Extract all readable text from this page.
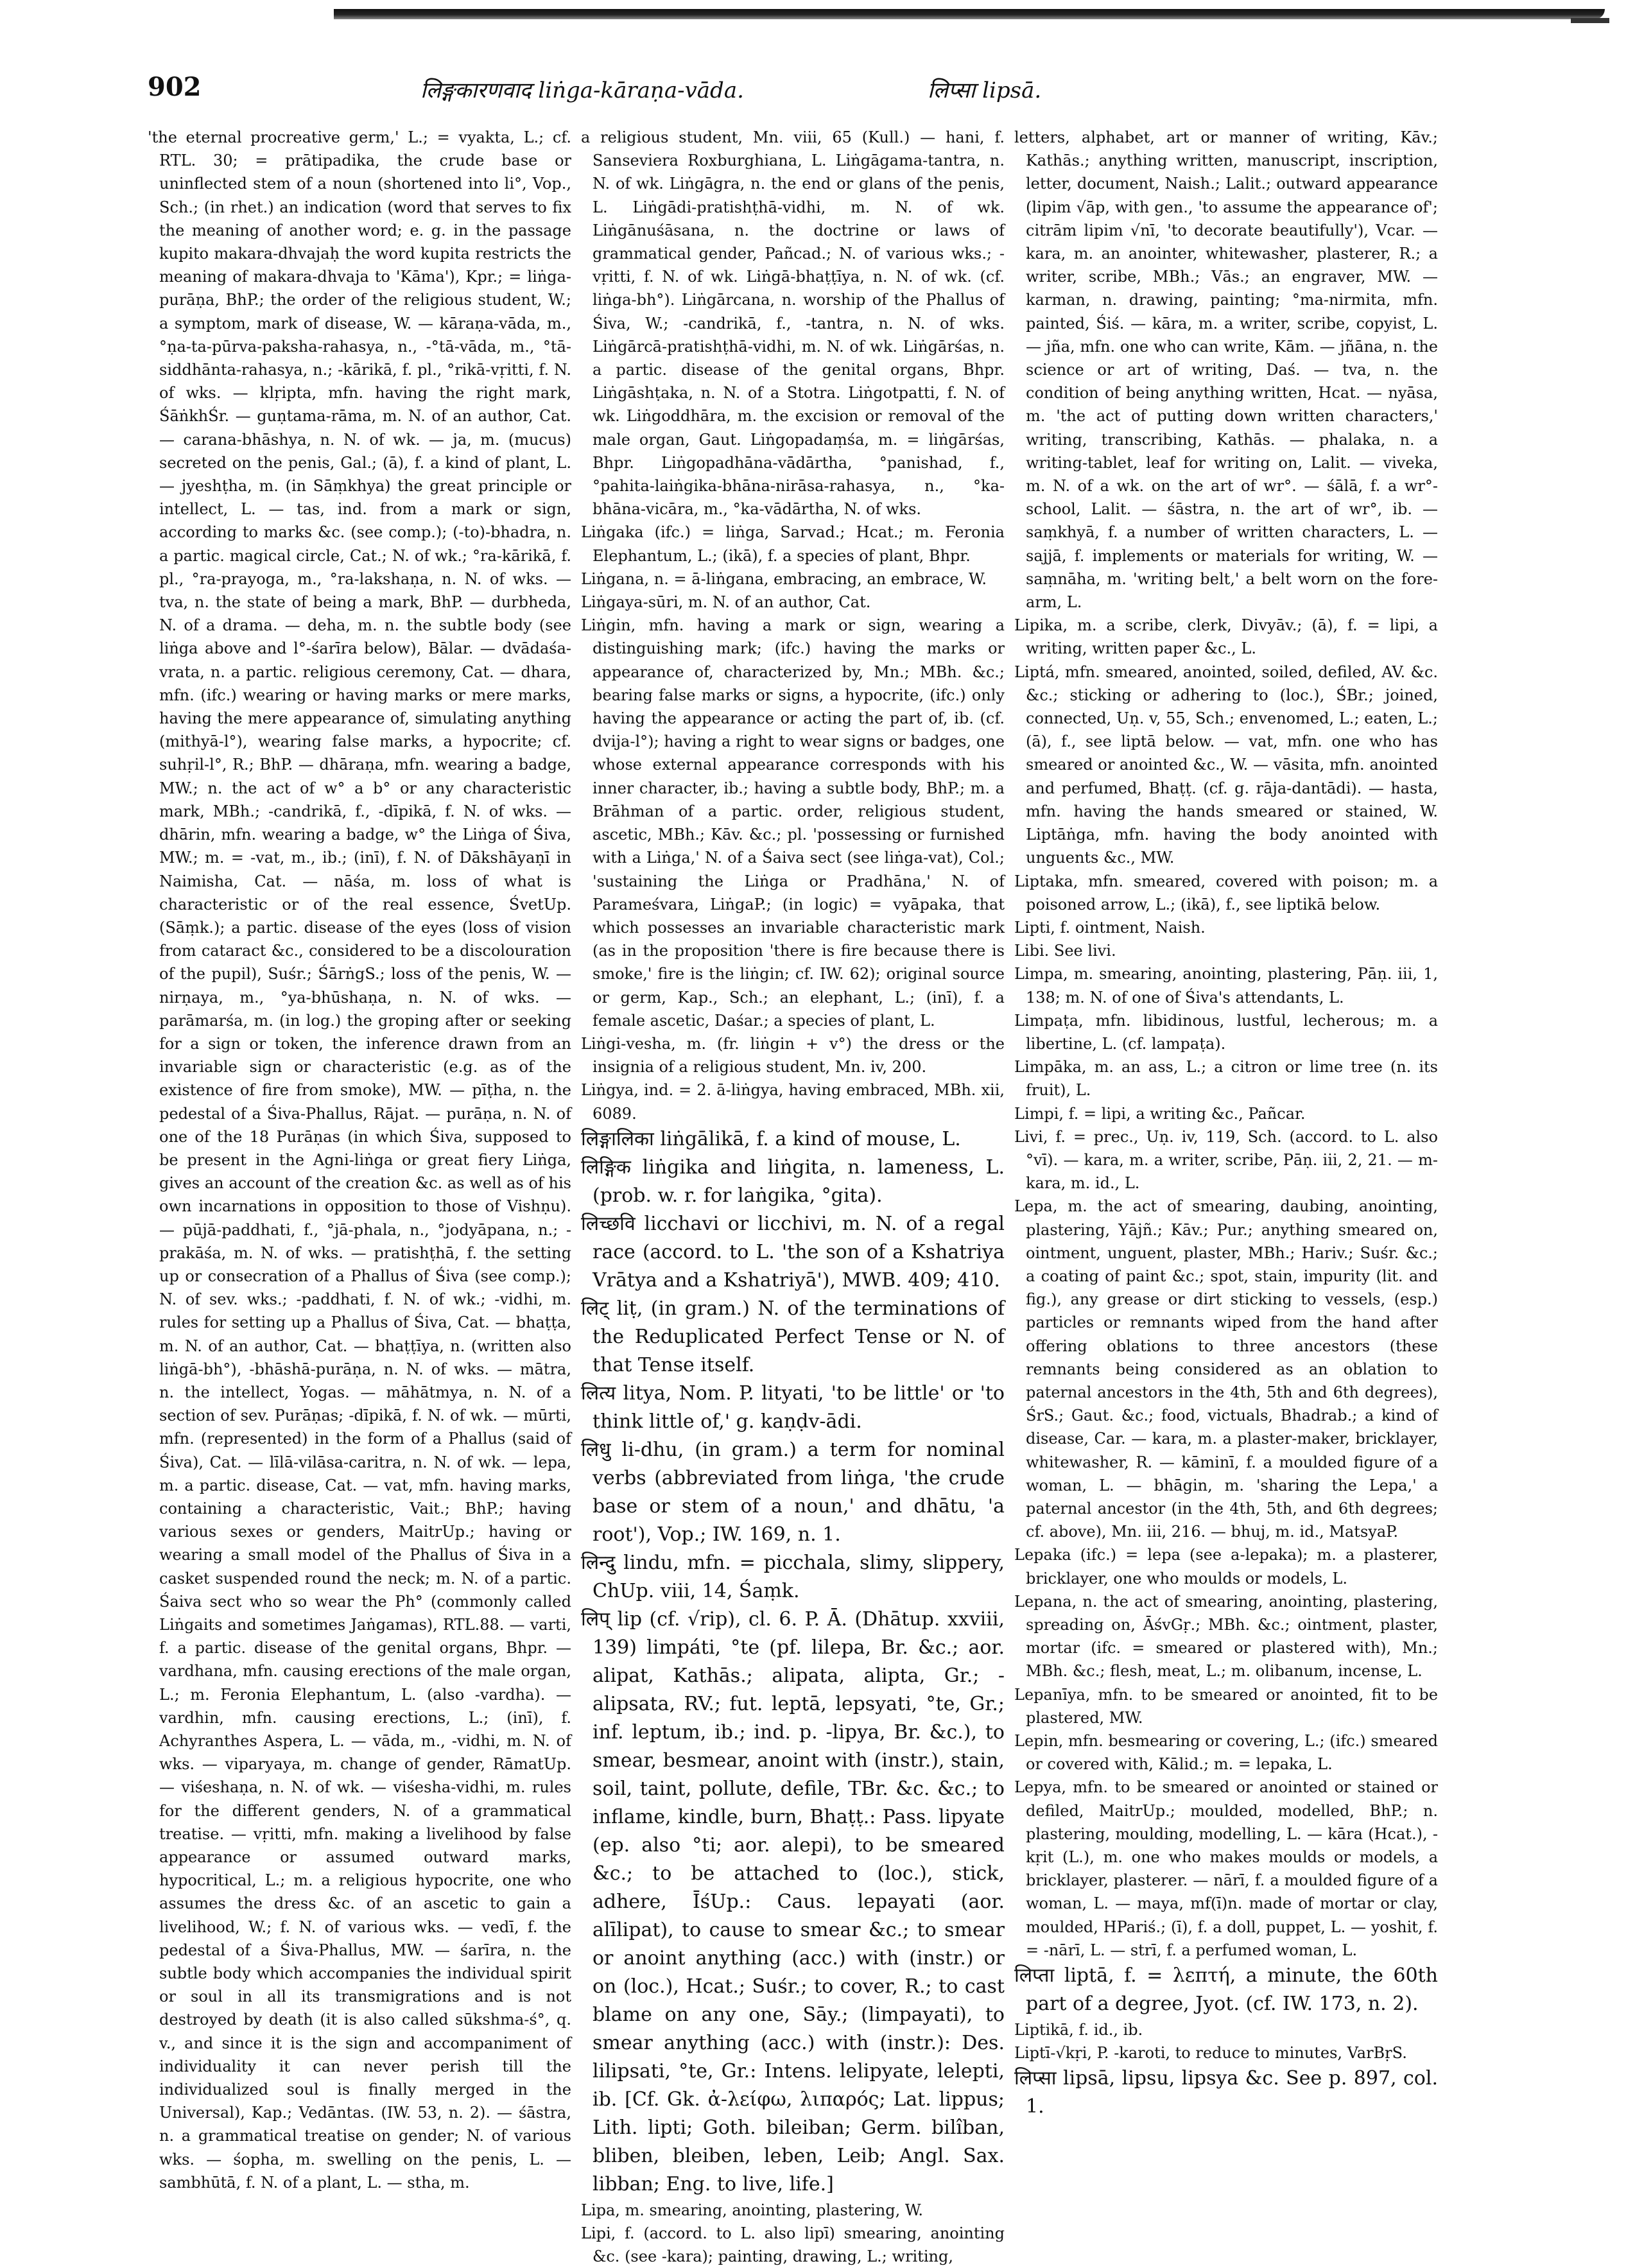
902	लिङ्गकारणवाद liṅga-kāraṇa-vāda.	लिप्सा lipsā.

'the eternal procreative germ,' L.; = vyakta, L.; cf. RTL. 30; = prātipadika, the crude base or uninflected stem of a noun (shortened into li°, Vop., Sch.; (in rhet.) an indication (word that serves to fix the meaning of another word; e. g. in the passage kupito makara-dhvajaḥ the word kupita restricts the meaning of makara-dhvaja to 'Kāma'), Kpr.; = liṅga-purāṇa, BhP.; the order of the religious student, W.; a symptom, mark of disease, W. — kāraṇa-vāda, m., °ṇa-ta-pūrva-paksha-rahasya, n., -°tā-vāda, m., °tā-siddhānta-rahasya, n.; -kārikā, f. pl., °rikā-vṛitti, f. N. of wks. — klṛipta, mfn. having the right mark, ŚāṅkhŚr. — guṇtama-rāma, m. N. of an author, Cat. — carana-bhāshya, n. N. of wk. — ja, m. (mucus) secreted on the penis, Gal.; (ā), f. a kind of plant, L. — jyeshṭha, m. (in Sāṃkhya) the great principle or intellect, L. — tas, ind. from a mark or sign, according to marks &c. (see comp.); (-to)-bhadra, n. a partic. magical circle, Cat.; N. of wk.; °ra-kārikā, f. pl., °ra-prayoga, m., °ra-lakshaṇa, n. N. of wks. — tva, n. the state of being a mark, BhP. — durbheda, N. of a drama. — deha, m. n. the subtle body (see liṅga above and l°-śarīra below), Bālar. — dvādaśa-vrata, n. a partic. religious ceremony, Cat. — dhara, mfn. (ifc.) wearing or having marks or mere marks, having the mere appearance of, simulating anything (mithyā-l°), wearing false marks, a hypocrite; cf. suhṛil-l°, R.; BhP. — dhāraṇa, mfn. wearing a badge, MW.; n. the act of w° a b° or any characteristic mark, MBh.; -candrikā, f., -dīpikā, f. N. of wks. — dhārin, mfn. wearing a badge, w° the Liṅga of Śiva, MW.; m. = -vat, m., ib.; (inī), f. N. of Dākshāyaṇī in Naimisha, Cat. — nāśa, m. loss of what is characteristic or of the real essence, ŚvetUp. (Sāṃk.); a partic. disease of the eyes (loss of vision from cataract &c., considered to be a discolouration of the pupil), Suśr.; ŚārṅgS.; loss of the penis, W. — nirṇaya, m., °ya-bhūshaṇa, n. N. of wks. — parāmarśa, m. (in log.) the groping after or seeking for a sign or token, the inference drawn from an invariable sign or characteristic (e.g. as of the existence of fire from smoke), MW. — pīṭha, n. the pedestal of a Śiva-Phallus, Rājat. — purāṇa, n. N. of one of the 18 Purāṇas (in which Śiva, supposed to be present in the Agni-liṅga or great fiery Liṅga, gives an account of the creation &c. as well as of his own incarnations in opposition to those of Vishṇu). — pūjā-paddhati, f., °jā-phala, n., °jodyāpana, n.; -prakāśa, m. N. of wks. — pratishṭhā, f. the setting up or consecration of a Phallus of Śiva (see comp.); N. of sev. wks.; -paddhati, f. N. of wk.; -vidhi, m. rules for setting up a Phallus of Śiva, Cat. — bhaṭṭa, m. N. of an author, Cat. — bhaṭṭīya, n. (written also liṅgā-bh°), -bhāshā-purāṇa, n. N. of wks. — mātra, n. the intellect, Yogas. — māhātmya, n. N. of a section of sev. Purāṇas; -dīpikā, f. N. of wk. — mūrti, mfn. (represented) in the form of a Phallus (said of Śiva), Cat. — līlā-vilāsa-caritra, n. N. of wk. — lepa, m. a partic. disease, Cat. — vat, mfn. having marks, containing a characteristic, Vait.; BhP.; having various sexes or genders, MaitrUp.; having or wearing a small model of the Phallus of Śiva in a casket suspended round the neck; m. N. of a partic. Śaiva sect who so wear the Ph° (commonly called Liṅgaits and sometimes Jaṅgamas), RTL.88. — varti, f. a partic. disease of the genital organs, Bhpr. — vardhana, mfn. causing erections of the male organ, L.; m. Feronia Elephantum, L. (also -vardha). — vardhin, mfn. causing erections, L.; (inī), f. Achyranthes Aspera, L. — vāda, m., -vidhi, m. N. of wks. — viparyaya, m. change of gender, RāmatUp. — viśeshaṇa, n. N. of wk. — viśesha-vidhi, m. rules for the different genders, N. of a grammatical treatise. — vṛitti, mfn. making a livelihood by false appearance or assumed outward marks, hypocritical, L.; m. a religious hypocrite, one who assumes the dress &c. of an ascetic to gain a livelihood, W.; f. N. of various wks. — vedī, f. the pedestal of a Śiva-Phallus, MW. — śarīra, n. the subtle body which accompanies the individual spirit or soul in all its transmigrations and is not destroyed by death (it is also called sūkshma-ś°, q. v., and since it is the sign and accompaniment of individuality it can never perish till the individualized soul is finally merged in the Universal), Kap.; Vedāntas. (IW. 53, n. 2). — śāstra, n. a grammatical treatise on gender; N. of various wks. — śopha, m. swelling on the penis, L. — sambhūtā, f. N. of a plant, L. — stha, m.

a religious student, Mn. viii, 65 (Kull.) — hani, f. Sanseviera Roxburghiana, L. Liṅgāgama-tantra, n. N. of wk. Liṅgāgra, n. the end or glans of the penis, L. Liṅgādi-pratishṭhā-vidhi, m. N. of wk. Liṅgānuśāsana, n. the doctrine or laws of grammatical gender, Pañcad.; N. of various wks.; -vṛitti, f. N. of wk. Liṅgā-bhaṭṭīya, n. N. of wk. (cf. liṅga-bh°). Liṅgārcana, n. worship of the Phallus of Śiva, W.; -candrikā, f., -tantra, n. N. of wks. Liṅgārcā-pratishṭhā-vidhi, m. N. of wk. Liṅgārśas, n. a partic. disease of the genital organs, Bhpr. Liṅgāshṭaka, n. N. of a Stotra. Liṅgotpatti, f. N. of wk. Liṅgoddhāra, m. the excision or removal of the male organ, Gaut. Liṅgopadaṃśa, m. = liṅgārśas, Bhpr. Liṅgopadhāna-vādārtha, °panishad, f., °pahita-laiṅgika-bhāna-nirāsa-rahasya, n., °ka-bhāna-vicāra, m., °ka-vādārtha, N. of wks.

Liṅgaka (ifc.) = liṅga, Sarvad.; Hcat.; m. Feronia Elephantum, L.; (ikā), f. a species of plant, Bhpr.

Liṅgana, n. = ā-liṅgana, embracing, an embrace, W.

Liṅgaya-sūri, m. N. of an author, Cat.

Liṅgin, mfn. having a mark or sign, wearing a distinguishing mark; (ifc.) having the marks or appearance of, characterized by, Mn.; MBh. &c.; bearing false marks or signs, a hypocrite, (ifc.) only having the appearance or acting the part of, ib. (cf. dvija-l°); having a right to wear signs or badges, one whose external appearance corresponds with his inner character, ib.; having a subtle body, BhP.; m. a Brāhman of a partic. order, religious student, ascetic, MBh.; Kāv. &c.; pl. 'possessing or furnished with a Liṅga,' N. of a Śaiva sect (see liṅga-vat), Col.; 'sustaining the Liṅga or Pradhāna,' N. of Parameśvara, LiṅgaP.; (in logic) = vyāpaka, that which possesses an invariable characteristic mark (as in the proposition 'there is fire because there is smoke,' fire is the liṅgin; cf. IW. 62); original source or germ, Kap., Sch.; an elephant, L.; (inī), f. a female ascetic, Daśar.; a species of plant, L.

Liṅgi-vesha, m. (fr. liṅgin + v°) the dress or the insignia of a religious student, Mn. iv, 200.

Liṅgya, ind. = 2. ā-liṅgya, having embraced, MBh. xii, 6089.

लिङ्गालिका liṅgālikā, f. a kind of mouse, L.

लिङ्गिक liṅgika and liṅgita, n. lameness, L. (prob. w. r. for laṅgika, °gita).

लिच्छवि licchavi or licchivi, m. N. of a regal race (accord. to L. 'the son of a Kshatriya Vrātya and a Kshatriyā'), MWB. 409; 410.

लिट् liṭ, (in gram.) N. of the terminations of the Reduplicated Perfect Tense or N. of that Tense itself.

लित्य litya, Nom. P. lityati, 'to be little' or 'to think little of,' g. kaṇḍv-ādi.

लिधु li-dhu, (in gram.) a term for nominal verbs (abbreviated from liṅga, 'the crude base or stem of a noun,' and dhātu, 'a root'), Vop.; IW. 169, n. 1.

लिन्दु lindu, mfn. = picchala, slimy, slippery, ChUp. viii, 14, Śaṃk.

लिप् lip (cf. √rip), cl. 6. P. Ā. (Dhātup. xxviii, 139) limpáti, °te (pf. lilepa, Br. &c.; aor. alipat, Kathās.; alipata, alipta, Gr.; -alipsata, RV.; fut. leptā, lepsyati, °te, Gr.; inf. leptum, ib.; ind. p. -lipya, Br. &c.), to smear, besmear, anoint with (instr.), stain, soil, taint, pollute, defile, TBr. &c. &c.; to inflame, kindle, burn, Bhaṭṭ.: Pass. lipyate (ep. also °ti; aor. alepi), to be smeared &c.; to be attached to (loc.), stick, adhere, ĪśUp.: Caus. lepayati (aor. alīlipat), to cause to smear &c.; to smear or anoint anything (acc.) with (instr.) or on (loc.), Hcat.; Suśr.; to cover, R.; to cast blame on any one, Sāy.; (limpayati), to smear anything (acc.) with (instr.): Des. lilipsati, °te, Gr.: Intens. lelipyate, lelepti, ib. [Cf. Gk. ἀ-λείφω, λιπαρός; Lat. lippus; Lith. lipti; Goth. bileiban; Germ. bilîban, bliben, bleiben, leben, Leib; Angl. Sax. libban; Eng. to live, life.]

Lipa, m. smearing, anointing, plastering, W.

Lipi, f. (accord. to L. also lipī) smearing, anointing &c. (see -kara); painting, drawing, L.; writing,

letters, alphabet, art or manner of writing, Kāv.; Kathās.; anything written, manuscript, inscription, letter, document, Naish.; Lalit.; outward appearance (lipim √āp, with gen., 'to assume the appearance of'; citrām lipim √nī, 'to decorate beautifully'), Vcar. — kara, m. an anointer, whitewasher, plasterer, R.; a writer, scribe, MBh.; Vās.; an engraver, MW. — karman, n. drawing, painting; °ma-nirmita, mfn. painted, Śiś. — kāra, m. a writer, scribe, copyist, L. — jña, mfn. one who can write, Kām. — jñāna, n. the science or art of writing, Daś. — tva, n. the condition of being anything written, Hcat. — nyāsa, m. 'the act of putting down written characters,' writing, transcribing, Kathās. — phalaka, n. a writing-tablet, leaf for writing on, Lalit. — viveka, m. N. of a wk. on the art of wr°. — śālā, f. a wr°-school, Lalit. — śāstra, n. the art of wr°, ib. — saṃkhyā, f. a number of written characters, L. — sajjā, f. implements or materials for writing, W. — saṃnāha, m. 'writing belt,' a belt worn on the fore-arm, L.

Lipika, m. a scribe, clerk, Divyāv.; (ā), f. = lipi, a writing, written paper &c., L.

Liptá, mfn. smeared, anointed, soiled, defiled, AV. &c. &c.; sticking or adhering to (loc.), ŚBr.; joined, connected, Uṇ. v, 55, Sch.; envenomed, L.; eaten, L.; (ā), f., see liptā below. — vat, mfn. one who has smeared or anointed &c., W. — vāsita, mfn. anointed and perfumed, Bhaṭṭ. (cf. g. rāja-dantādi). — hasta, mfn. having the hands smeared or stained, W. Liptāṅga, mfn. having the body anointed with unguents &c., MW.

Liptaka, mfn. smeared, covered with poison; m. a poisoned arrow, L.; (ikā), f., see liptikā below.

Lipti, f. ointment, Naish.

Libi. See livi.

Limpa, m. smearing, anointing, plastering, Pāṇ. iii, 1, 138; m. N. of one of Śiva's attendants, L.

Limpaṭa, mfn. libidinous, lustful, lecherous; m. a libertine, L. (cf. lampaṭa).

Limpāka, m. an ass, L.; a citron or lime tree (n. its fruit), L.

Limpi, f. = lipi, a writing &c., Pañcar.

Livi, f. = prec., Uṇ. iv, 119, Sch. (accord. to L. also °vī). — kara, m. a writer, scribe, Pāṇ. iii, 2, 21. — m-kara, m. id., L.

Lepa, m. the act of smearing, daubing, anointing, plastering, Yājñ.; Kāv.; Pur.; anything smeared on, ointment, unguent, plaster, MBh.; Hariv.; Suśr. &c.; a coating of paint &c.; spot, stain, impurity (lit. and fig.), any grease or dirt sticking to vessels, (esp.) particles or remnants wiped from the hand after offering oblations to three ancestors (these remnants being considered as an oblation to paternal ancestors in the 4th, 5th and 6th degrees), ŚrS.; Gaut. &c.; food, victuals, Bhadrab.; a kind of disease, Car. — kara, m. a plaster-maker, bricklayer, whitewasher, R. — kāminī, f. a moulded figure of a woman, L. — bhāgin, m. 'sharing the Lepa,' a paternal ancestor (in the 4th, 5th, and 6th degrees; cf. above), Mn. iii, 216. — bhuj, m. id., MatsyaP.

Lepaka (ifc.) = lepa (see a-lepaka); m. a plasterer, bricklayer, one who moulds or models, L.

Lepana, n. the act of smearing, anointing, plastering, spreading on, ĀśvGṛ.; MBh. &c.; ointment, plaster, mortar (ifc. = smeared or plastered with), Mn.; MBh. &c.; flesh, meat, L.; m. olibanum, incense, L.

Lepanīya, mfn. to be smeared or anointed, fit to be plastered, MW.

Lepin, mfn. besmearing or covering, L.; (ifc.) smeared or covered with, Kālid.; m. = lepaka, L.

Lepya, mfn. to be smeared or anointed or stained or defiled, MaitrUp.; moulded, modelled, BhP.; n. plastering, moulding, modelling, L. — kāra (Hcat.), -kṛit (L.), m. one who makes moulds or models, a bricklayer, plasterer. — nārī, f. a moulded figure of a woman, L. — maya, mf(ī)n. made of mortar or clay, moulded, HPariś.; (ī), f. a doll, puppet, L. — yoshit, f. = -nārī, L. — strī, f. a perfumed woman, L.

लिप्ता liptā, f. = λεπτή, a minute, the 60th part of a degree, Jyot. (cf. IW. 173, n. 2).

Liptikā, f. id., ib.

Liptī-√kṛi, P. -karoti, to reduce to minutes, VarBṛS.

लिप्सा lipsā, lipsu, lipsya &c. See p. 897, col. 1.
